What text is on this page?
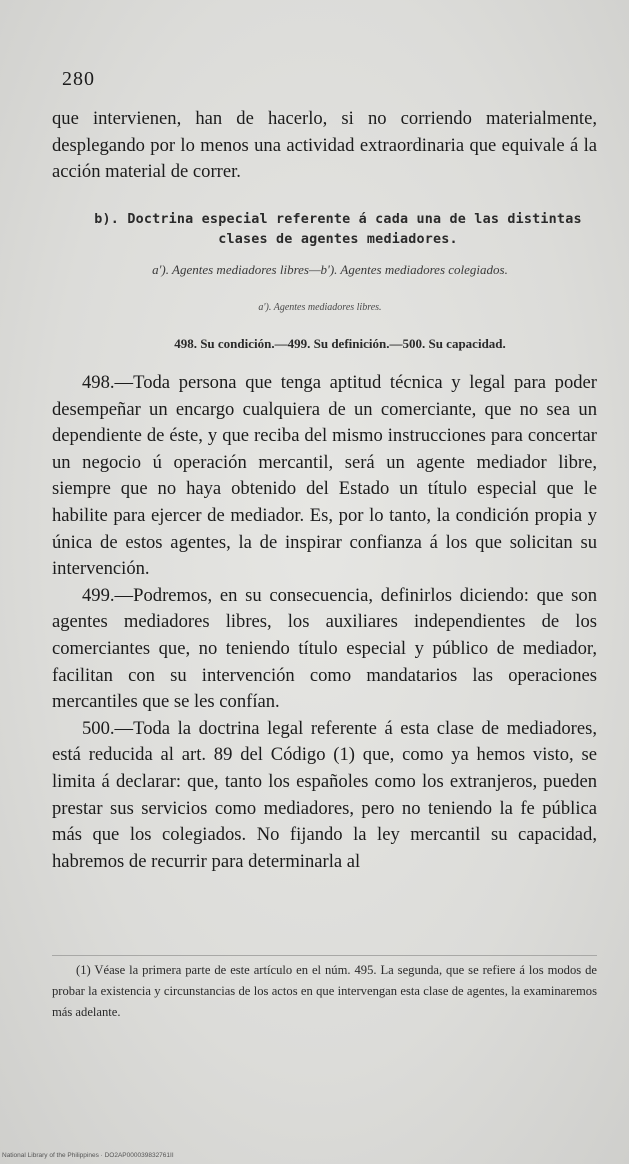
280

que intervienen, han de hacerlo, si no corriendo materialmente, desplegando por lo menos una actividad extraordinaria que equivale á la acción material de correr.

b). Doctrina especial referente á cada una de las distintas clases de agentes mediadores.
a'). Agentes mediadores libres—b'). Agentes mediadores colegiados.
a'). Agentes mediadores libres.
498. Su condición.—499. Su definición.—500. Su capacidad.

498.—Toda persona que tenga aptitud técnica y legal para poder desempeñar un encargo cualquiera de un comerciante, que no sea un dependiente de éste, y que reciba del mismo instrucciones para concertar un negocio ú operación mercantil, será un agente mediador libre, siempre que no haya obtenido del Estado un título especial que le habilite para ejercer de mediador. Es, por lo tanto, la condición propia y única de estos agentes, la de inspirar confianza á los que solicitan su intervención.

499.—Podremos, en su consecuencia, definirlos diciendo: que son agentes mediadores libres, los auxiliares independientes de los comerciantes que, no teniendo título especial y público de mediador, facilitan con su intervención como mandatarios las operaciones mercantiles que se les confían.

500.—Toda la doctrina legal referente á esta clase de mediadores, está reducida al art. 89 del Código (1) que, como ya hemos visto, se limita á declarar: que, tanto los españoles como los extranjeros, pueden prestar sus servicios como mediadores, pero no teniendo la fe pública más que los colegiados. No fijando la ley mercantil su capacidad, habremos de recurrir para determinarla al

(1) Véase la primera parte de este artículo en el núm. 495. La segunda, que se refiere á los modos de probar la existencia y circunstancias de los actos en que intervengan esta clase de agentes, la examinaremos más adelante.

National Library of the Philippines · DO2AP000039832761II
